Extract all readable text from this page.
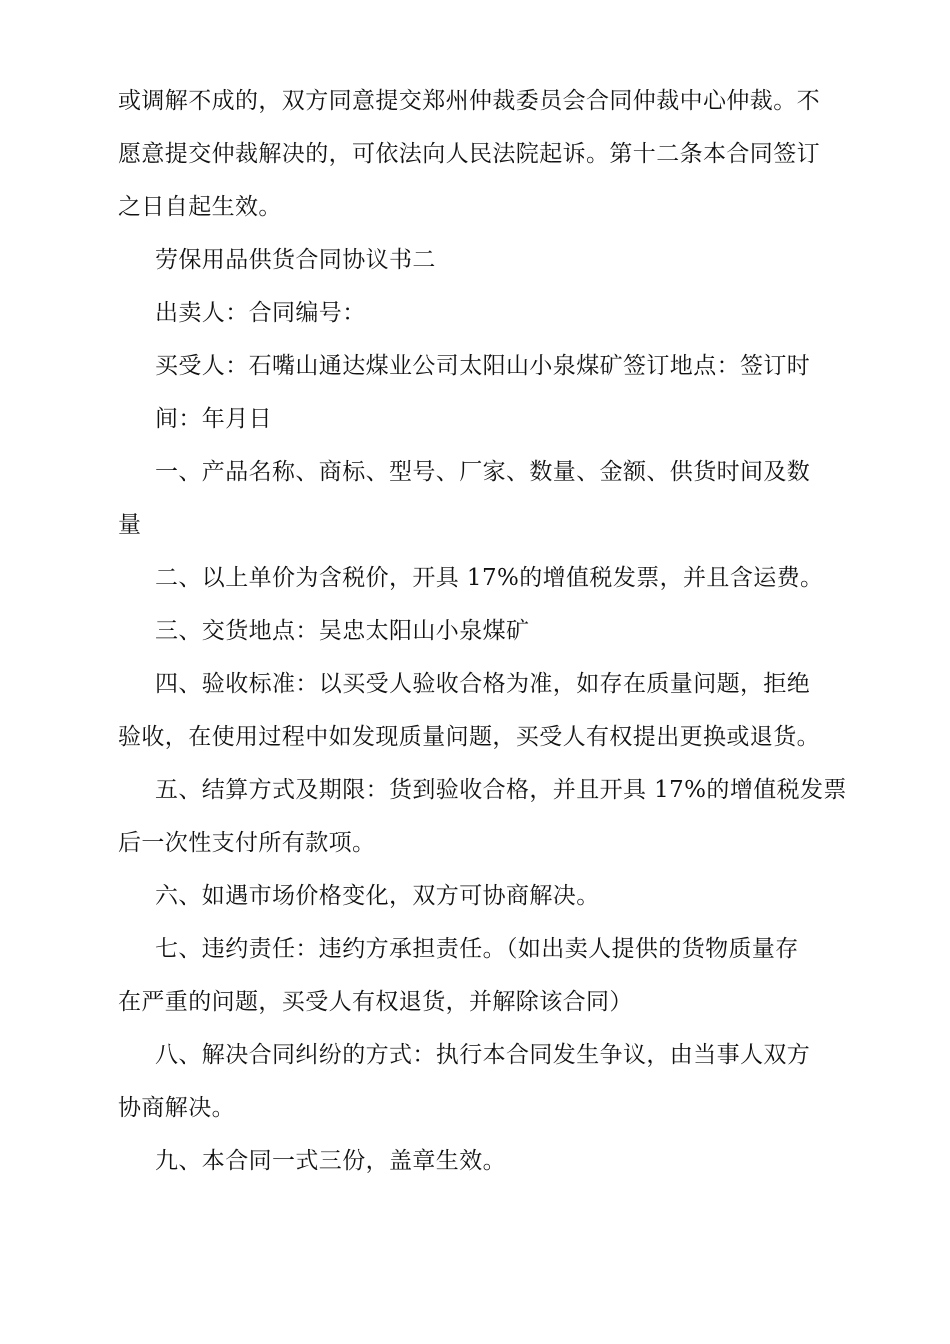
或调解不成的，双方同意提交郑州仲裁委员会合同仲裁中心仲裁。不
愿意提交仲裁解决的，可依法向人民法院起诉。第十二条本合同签订
之日自起生效。
劳保用品供货合同协议书二
出卖人：合同编号：
买受人：石嘴山通达煤业公司太阳山小泉煤矿签订地点：签订时
间：年月日
一、产品名称、商标、型号、厂家、数量、金额、供货时间及数
量
二、以上单价为含税价，开具 17%的增值税发票，并且含运费。
三、交货地点：吴忠太阳山小泉煤矿
四、验收标准：以买受人验收合格为准，如存在质量问题，拒绝
验收，在使用过程中如发现质量问题，买受人有权提出更换或退货。
五、结算方式及期限：货到验收合格，并且开具 17%的增值税发票
后一次性支付所有款项。
六、如遇市场价格变化，双方可协商解决。
七、违约责任：违约方承担责任。（如出卖人提供的货物质量存
在严重的问题，买受人有权退货，并解除该合同）
八、解决合同纠纷的方式：执行本合同发生争议，由当事人双方
协商解决。
九、本合同一式三份，盖章生效。
